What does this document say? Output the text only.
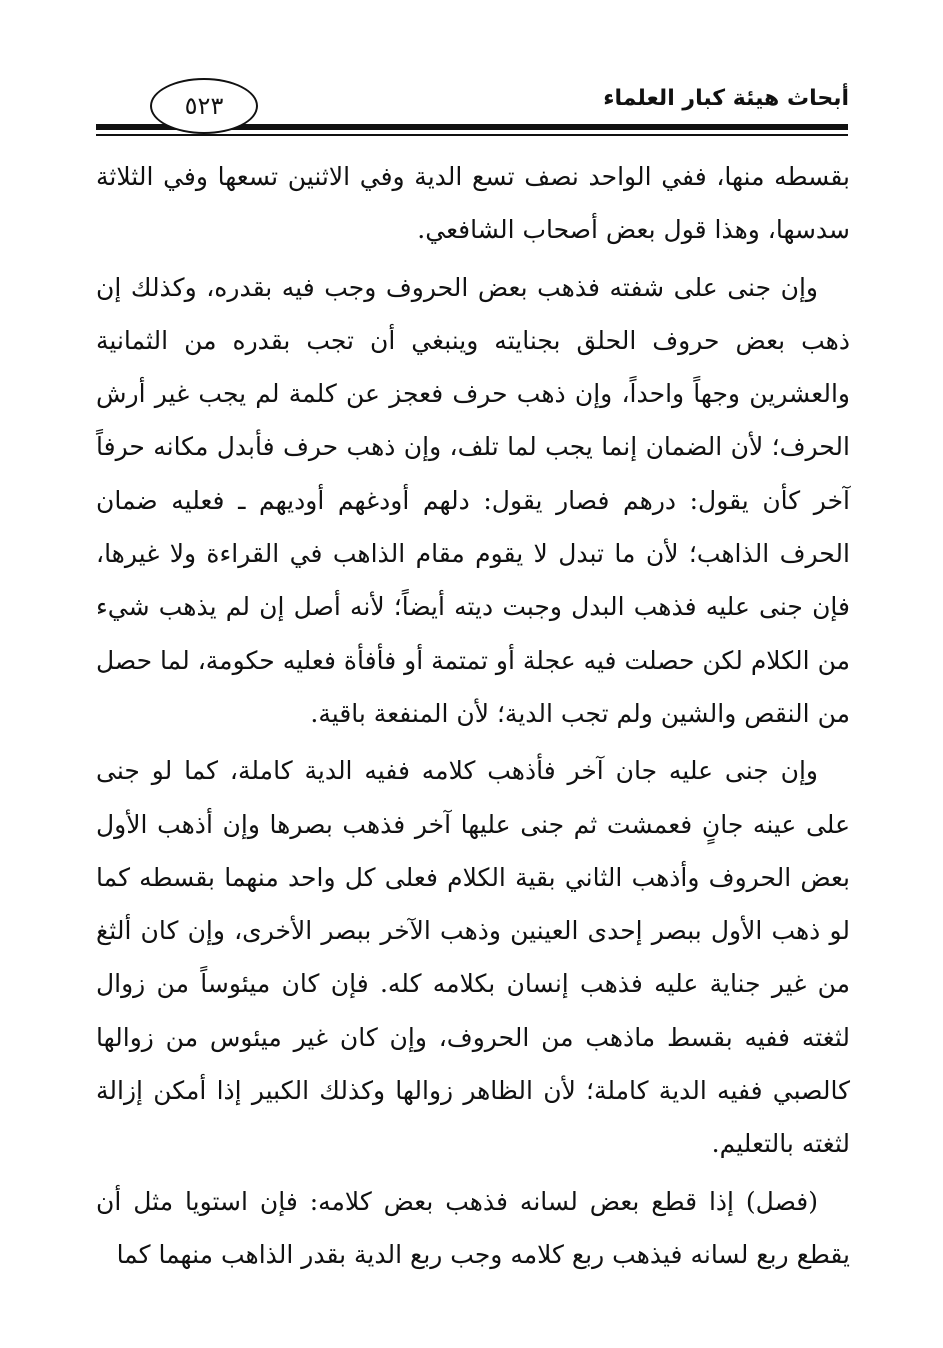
أبحاث هيئة كبار العلماء
٥٢٣

بقسطه منها، ففي الواحد نصف تسع الدية وفي الاثنين تسعها وفي الثلاثة سدسها، وهذا قول بعض أصحاب الشافعي.

وإن جنى على شفته فذهب بعض الحروف وجب فيه بقدره، وكذلك إن ذهب بعض حروف الحلق بجنايته وينبغي أن تجب بقدره من الثمانية والعشرين وجهاً واحداً، وإن ذهب حرف فعجز عن كلمة لم يجب غير أرش الحرف؛ لأن الضمان إنما يجب لما تلف، وإن ذهب حرف فأبدل مكانه حرفاً آخر كأن يقول: درهم فصار يقول: دلهم أودغهم أوديهم ـ فعليه ضمان الحرف الذاهب؛ لأن ما تبدل لا يقوم مقام الذاهب في القراءة ولا غيرها، فإن جنى عليه فذهب البدل وجبت ديته أيضاً؛ لأنه أصل إن لم يذهب شيء من الكلام لكن حصلت فيه عجلة أو تمتمة أو فأفأة فعليه حكومة، لما حصل من النقص والشين ولم تجب الدية؛ لأن المنفعة باقية.

وإن جنى عليه جان آخر فأذهب كلامه ففيه الدية كاملة، كما لو جنى على عينه جانٍ فعمشت ثم جنى عليها آخر فذهب بصرها وإن أذهب الأول بعض الحروف وأذهب الثاني بقية الكلام فعلى كل واحد منهما بقسطه كما لو ذهب الأول ببصر إحدى العينين وذهب الآخر ببصر الأخرى، وإن كان ألثغ من غير جناية عليه فذهب إنسان بكلامه كله. فإن كان ميئوساً من زوال لثغته ففيه بقسط ماذهب من الحروف، وإن كان غير ميئوس من زوالها كالصبي ففيه الدية كاملة؛ لأن الظاهر زوالها وكذلك الكبير إذا أمكن إزالة لثغته بالتعليم.

(فصل) إذا قطع بعض لسانه فذهب بعض كلامه: فإن استويا مثل أن يقطع ربع لسانه فيذهب ربع كلامه وجب ربع الدية بقدر الذاهب منهما كما
